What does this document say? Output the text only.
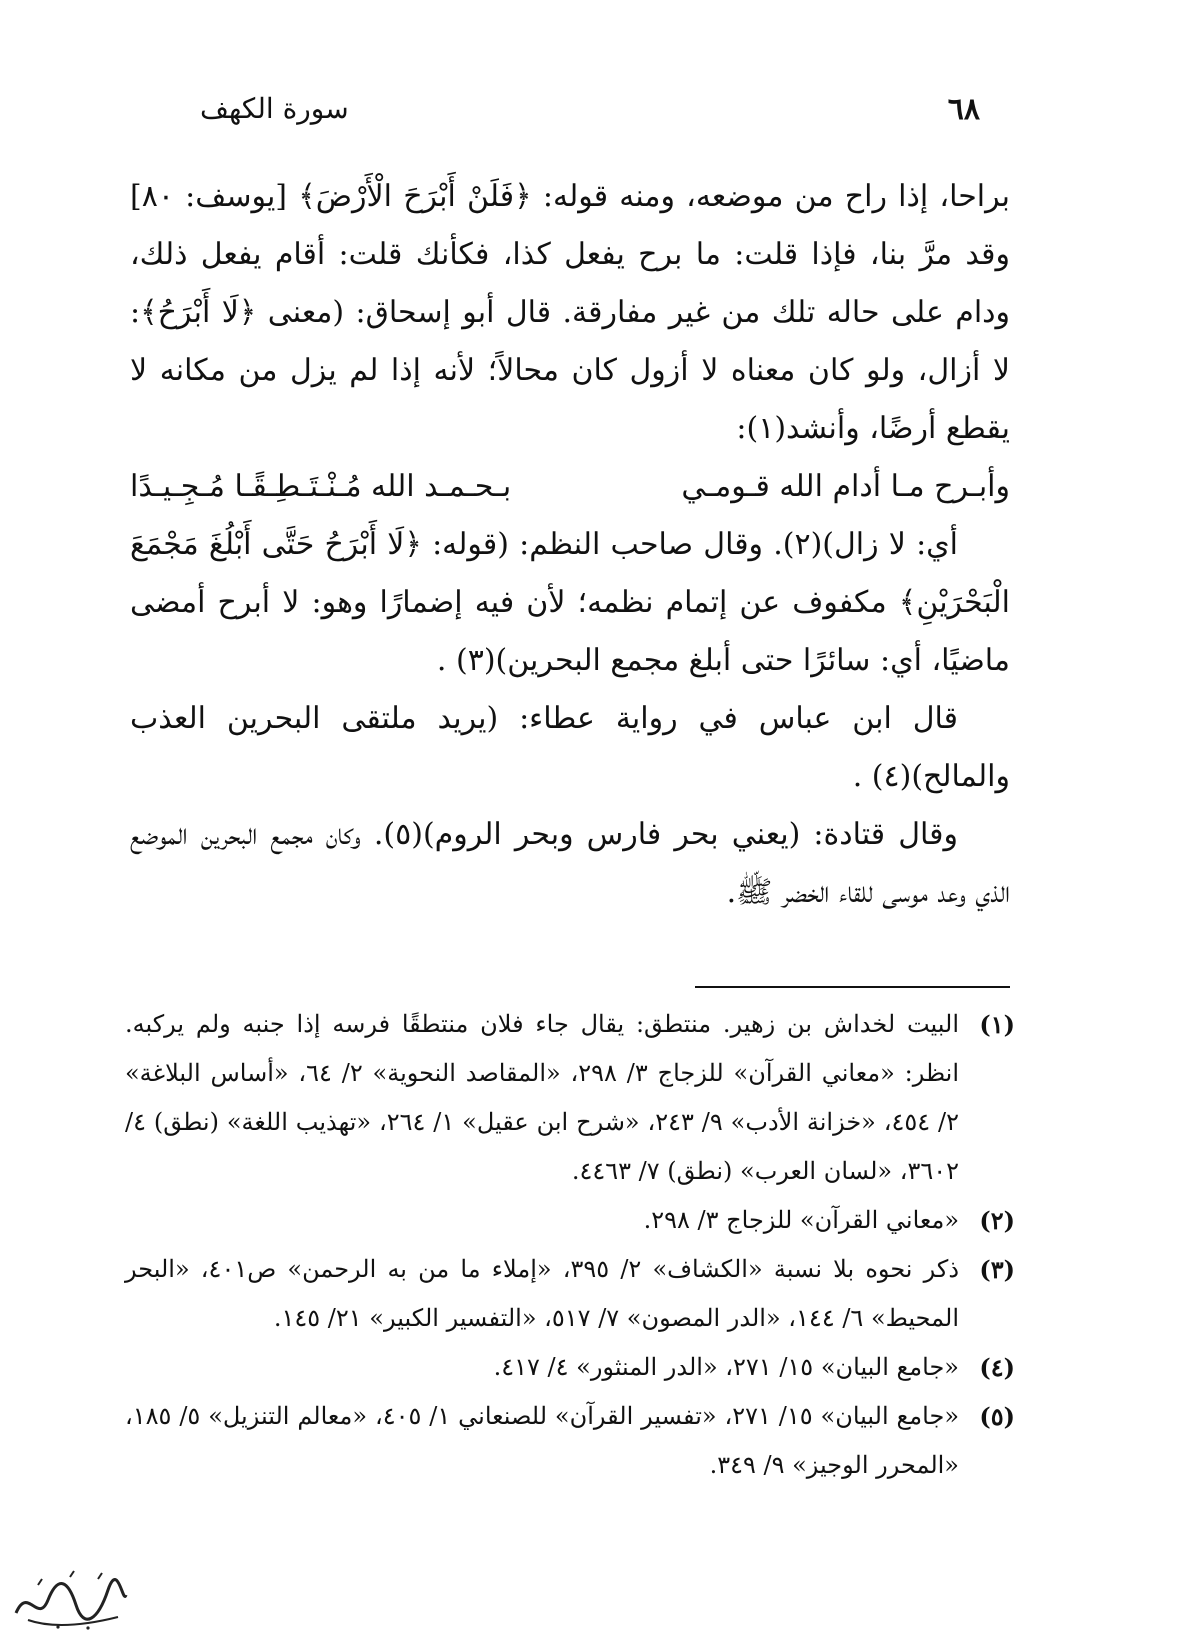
٦٨
سورة الكهف

براحا، إذا راح من موضعه، ومنه قوله: ﴿فَلَنْ أَبْرَحَ الْأَرْضَ﴾ [يوسف: ٨٠] وقد مرَّ بنا، فإذا قلت: ما برح يفعل كذا، فكأنك قلت: أقام يفعل ذلك، ودام على حاله تلك من غير مفارقة. قال أبو إسحاق: (معنى ﴿لَا أَبْرَحُ﴾: لا أزال، ولو كان معناه لا أزول كان محالاً؛ لأنه إذا لم يزل من مكانه لا يقطع أرضًا، وأنشد(١):

وأبـرح مـا أدام الله قـومـي
بـحـمـد الله مُـنْـتَـطِـقًـا مُـجِـيـدًا

أي: لا زال)(٢). وقال صاحب النظم: (قوله: ﴿لَا أَبْرَحُ حَتَّى أَبْلُغَ مَجْمَعَ الْبَحْرَيْنِ﴾ مكفوف عن إتمام نظمه؛ لأن فيه إضمارًا وهو: لا أبرح أمضى ماضيًا، أي: سائرًا حتى أبلغ مجمع البحرين)(٣) .

قال ابن عباس في رواية عطاء: (يريد ملتقى البحرين العذب والمالح)(٤) .

وقال قتادة: (يعني بحر فارس وبحر الروم)(٥). وكان مجمع البحرين الموضع الذي وعد موسى للقاء الخضر ﷺ.

(١)
البيت لخداش بن زهير. منتطق: يقال جاء فلان منتطقًا فرسه إذا جنبه ولم يركبه. انظر: «معاني القرآن» للزجاج ٣/ ٢٩٨، «المقاصد النحوية» ٢/ ٦٤، «أساس البلاغة» ٢/ ٤٥٤، «خزانة الأدب» ٩/ ٢٤٣، «شرح ابن عقيل» ١/ ٢٦٤، «تهذيب اللغة» (نطق) ٤/ ٣٦٠٢، «لسان العرب» (نطق) ٧/ ٤٤٦٣.
(٢)
«معاني القرآن» للزجاج ٣/ ٢٩٨.
(٣)
ذكر نحوه بلا نسبة «الكشاف» ٢/ ٣٩٥، «إملاء ما من به الرحمن» ص٤٠١، «البحر المحيط» ٦/ ١٤٤، «الدر المصون» ٧/ ٥١٧، «التفسير الكبير» ٢١/ ١٤٥.
(٤)
«جامع البيان» ١٥/ ٢٧١، «الدر المنثور» ٤/ ٤١٧.
(٥)
«جامع البيان» ١٥/ ٢٧١، «تفسير القرآن» للصنعاني ١/ ٤٠٥، «معالم التنزيل» ٥/ ١٨٥، «المحرر الوجيز» ٩/ ٣٤٩.
